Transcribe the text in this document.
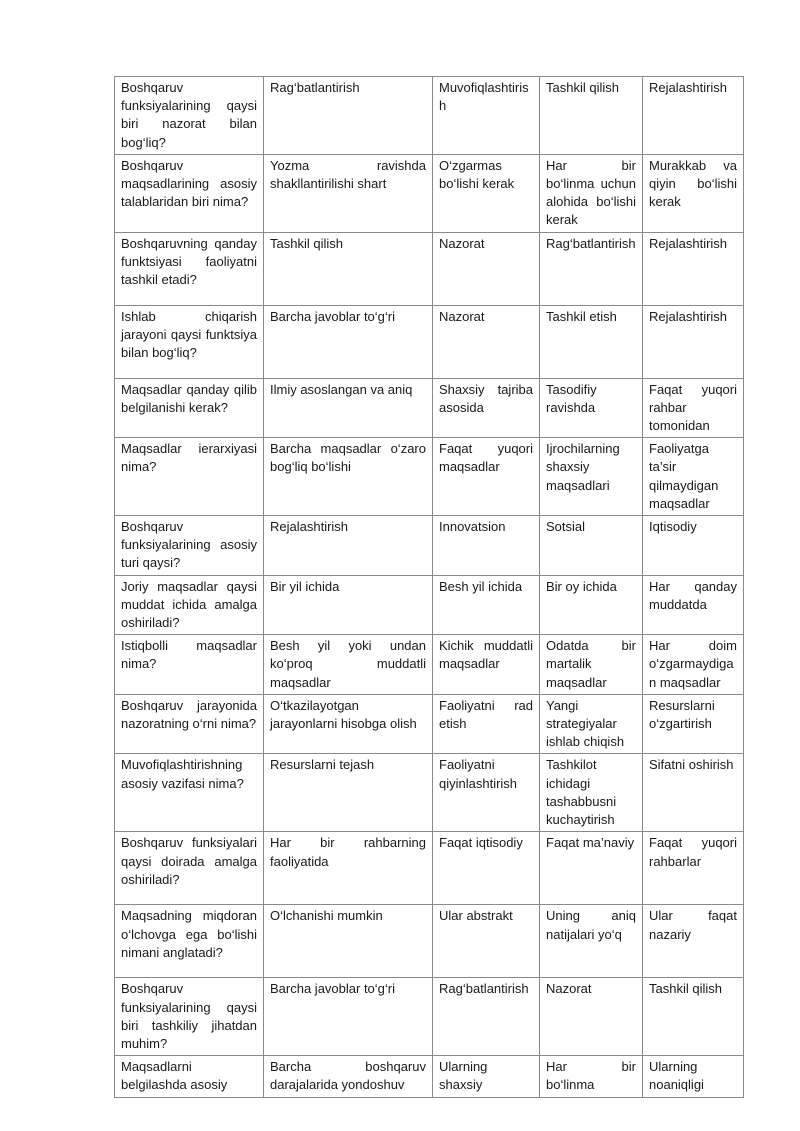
Boshqaruv funksiyalarining qaysi biri nazorat bilan bog‘liq?	Rag‘batlantirish	Muvofiqlashtirish	Tashkil qilish	Rejalashtirish
Boshqaruv maqsadlarining asosiy talablaridan biri nima?	Yozma ravishda shakllantirilishi shart	O‘zgarmas bo‘lishi kerak	Har bir bo‘linma uchun alohida bo‘lishi kerak	Murakkab va qiyin bo‘lishi kerak
Boshqaruvning qanday funktsiyasi faoliyatni tashkil etadi?	Tashkil qilish	Nazorat	Rag‘batlantirish	Rejalashtirish
Ishlab chiqarish jarayoni qaysi funktsiya bilan bog‘liq?	Barcha javoblar to‘g‘ri	Nazorat	Tashkil etish	Rejalashtirish
Maqsadlar qanday qilib belgilanishi kerak?	Ilmiy asoslangan va aniq	Shaxsiy tajriba asosida	Tasodifiy ravishda	Faqat yuqori rahbar tomonidan
Maqsadlar ierarxiyasi nima?	Barcha maqsadlar o‘zaro bog‘liq bo‘lishi	Faqat yuqori maqsadlar	Ijrochilarning shaxsiy maqsadlari	Faoliyatga ta’sir qilmaydigan maqsadlar
Boshqaruv funksiyalarining asosiy turi qaysi?	Rejalashtirish	Innovatsion	Sotsial	Iqtisodiy
Joriy maqsadlar qaysi muddat ichida amalga oshiriladi?	Bir yil ichida	Besh yil ichida	Bir oy ichida	Har qanday muddatda
Istiqbolli maqsadlar nima?	Besh yil yoki undan ko‘proq muddatli maqsadlar	Kichik muddatli maqsadlar	Odatda bir martalik maqsadlar	Har doim o‘zgarmaydigan maqsadlar
Boshqaruv jarayonida nazoratning o‘rni nima?	O‘tkazilayotgan jarayonlarni hisobga olish	Faoliyatni rad etish	Yangi strategiyalar ishlab chiqish	Resurslarni o‘zgartirish
Muvofiqlashtirishning asosiy vazifasi nima?	Resurslarni tejash	Faoliyatni qiyinlashtirish	Tashkilot ichidagi tashabbusni kuchaytirish	Sifatni oshirish
Boshqaruv funksiyalari qaysi doirada amalga oshiriladi?	Har bir rahbarning faoliyatida	Faqat iqtisodiy	Faqat ma’naviy	Faqat yuqori rahbarlar
Maqsadning miqdoran o‘lchovga ega bo‘lishi nimani anglatadi?	O‘lchanishi mumkin	Ular abstrakt	Uning aniq natijalari yo‘q	Ular faqat nazariy
Boshqaruv funksiyalarining qaysi biri tashkiliy jihatdan muhim?	Barcha javoblar to‘g‘ri	Rag‘batlantirish	Nazorat	Tashkil qilish
Maqsadlarni belgilashda asosiy	Barcha boshqaruv darajalarida yondoshuv	Ularning shaxsiy	Har bir bo‘linma	Ularning noaniqligi
